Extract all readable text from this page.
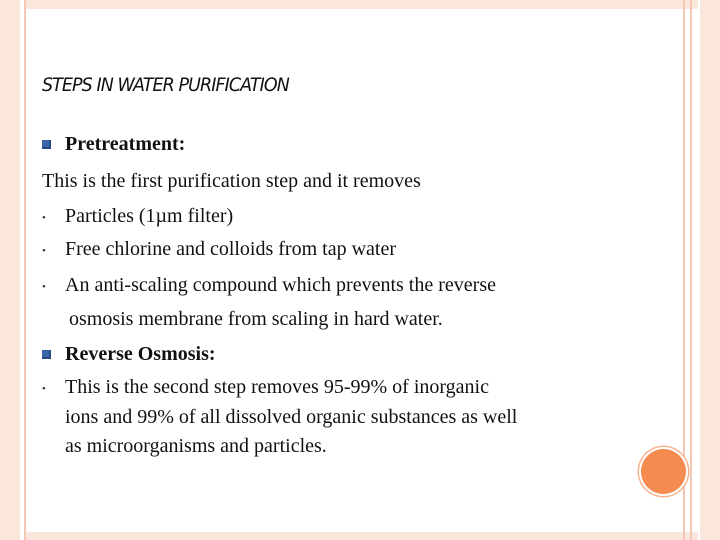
STEPS IN WATER PURIFICATION
Pretreatment:
This is the first purification step and it removes
• Particles (1µm filter)
• Free chlorine and colloids from tap water
• An anti-scaling compound which prevents the reverse
osmosis membrane from scaling in hard water.
Reverse Osmosis:
• This is the second step removes 95-99% of inorganic
ions and 99% of all dissolved organic substances as well
as microorganisms and particles.
